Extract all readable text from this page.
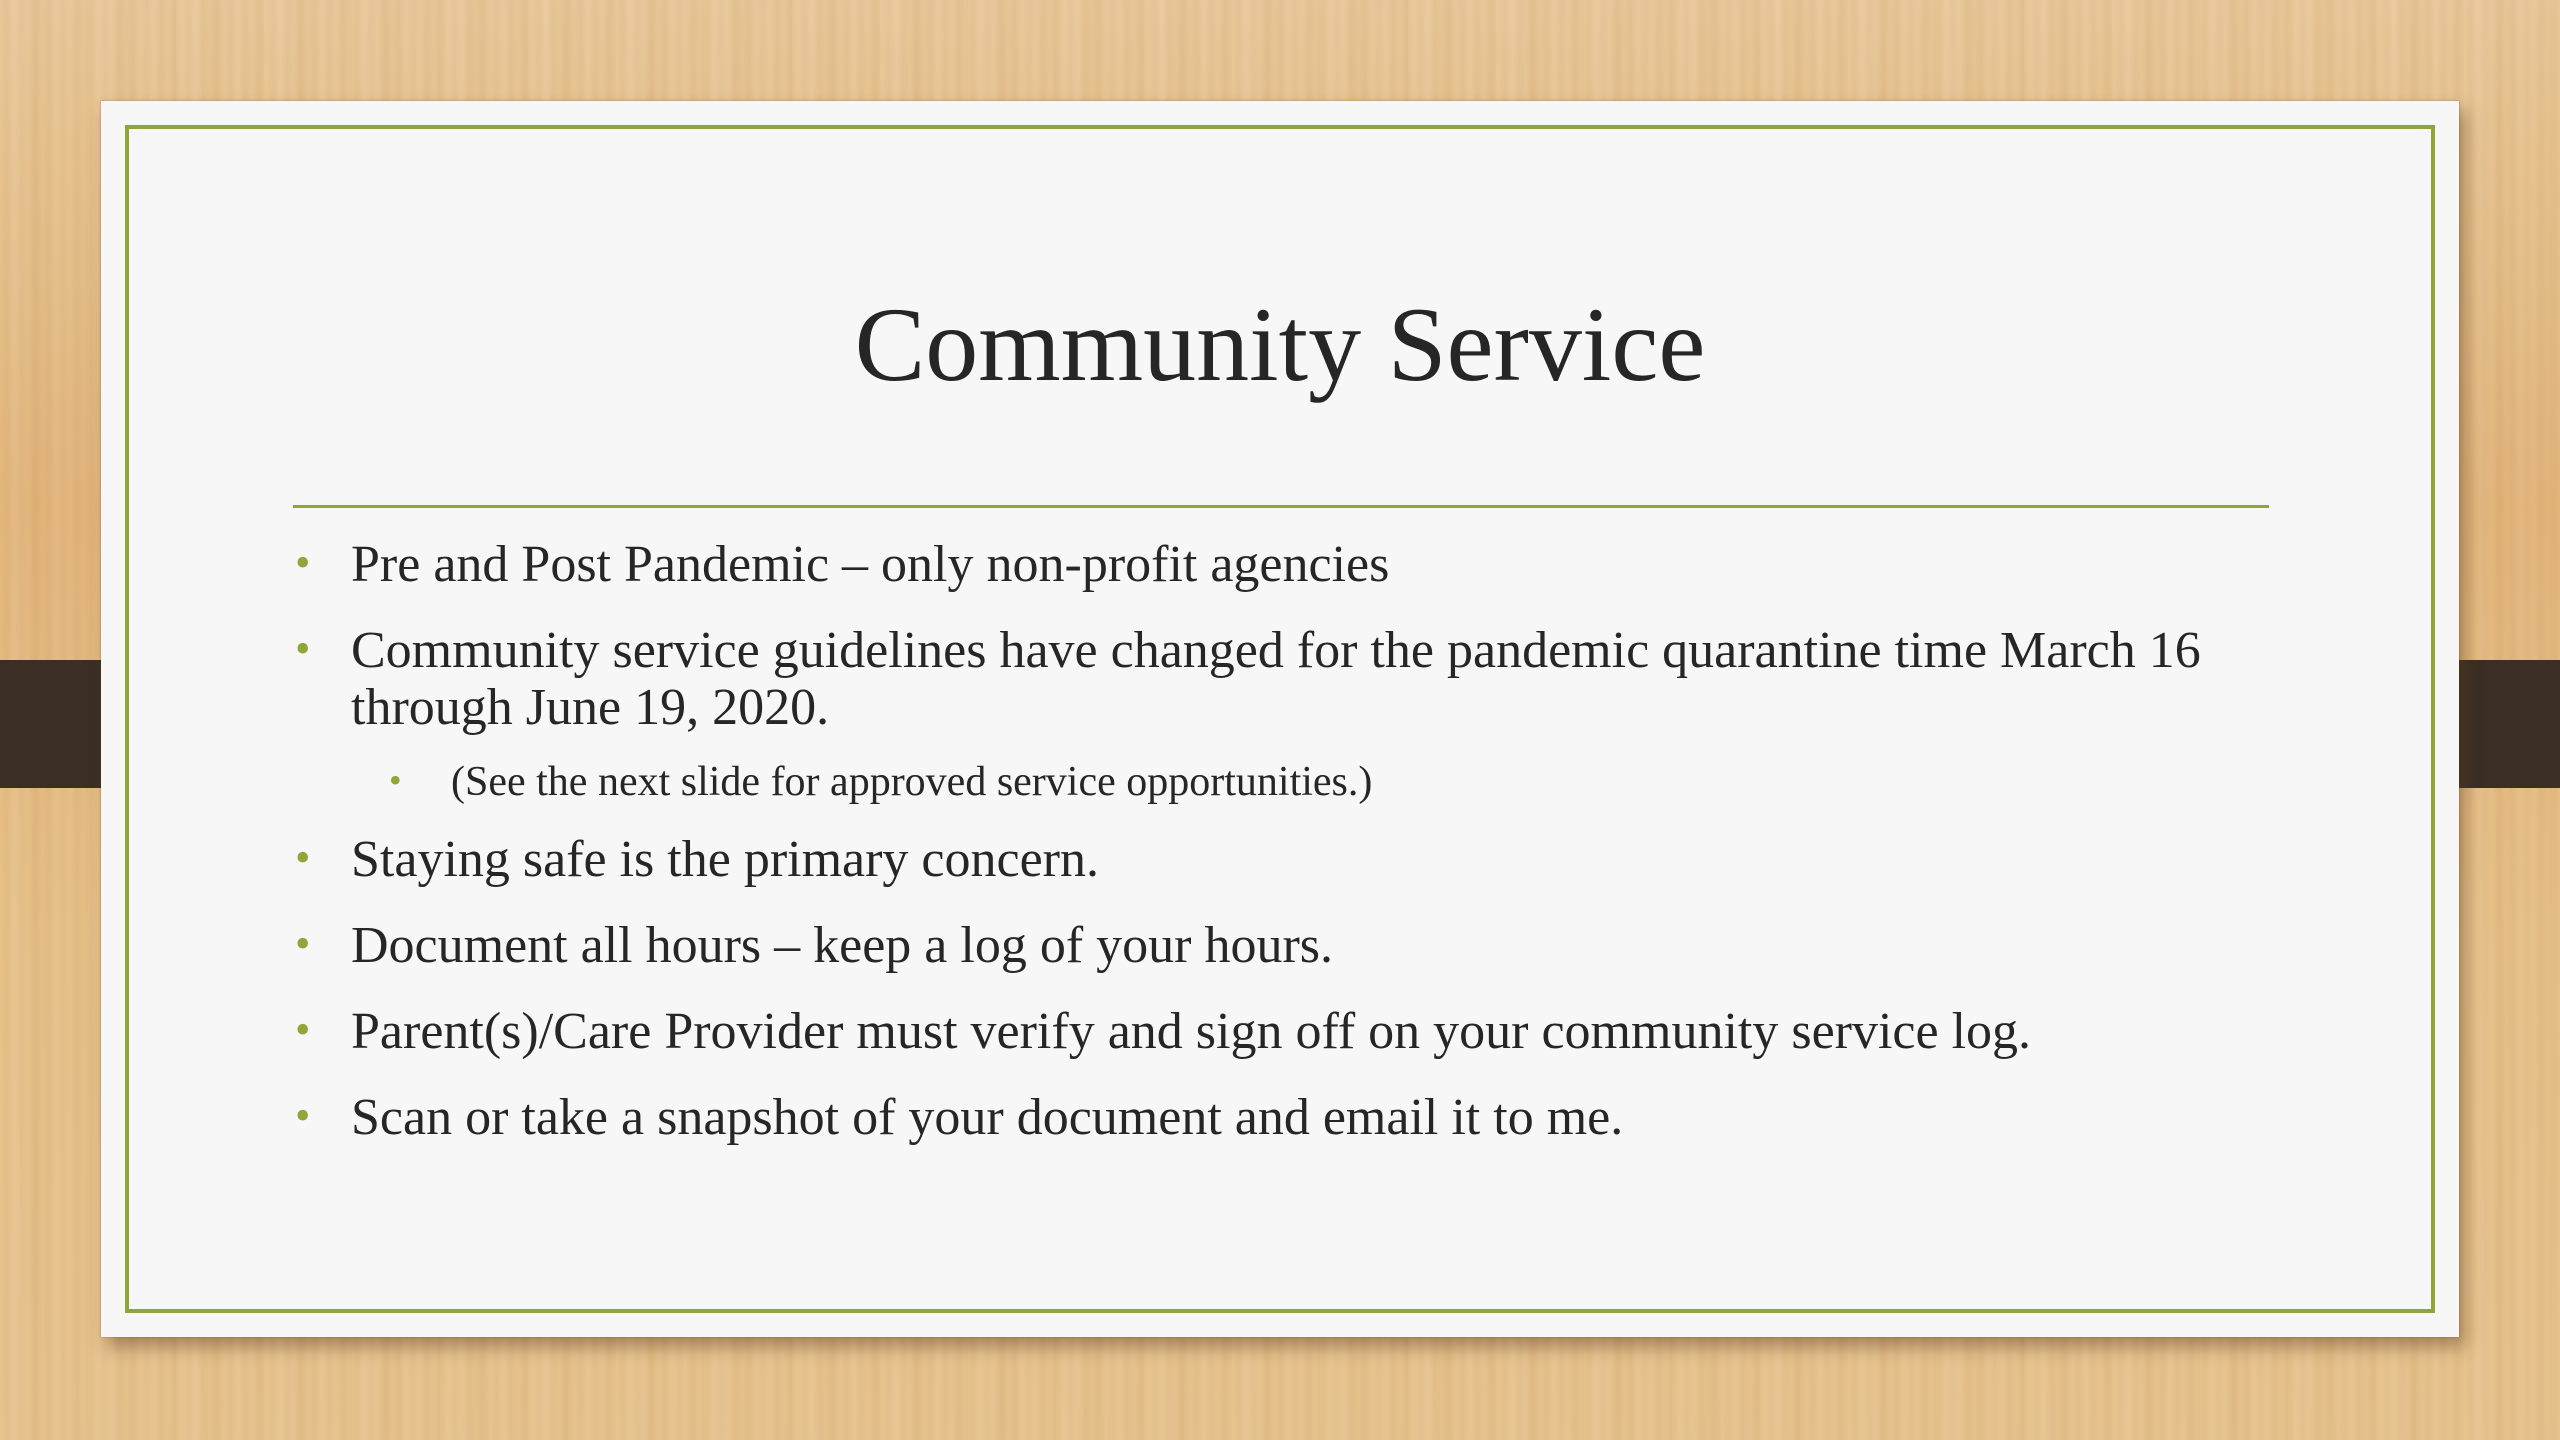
Community Service
• Pre and Post Pandemic – only non-profit agencies
• Community service guidelines have changed for the pandemic quarantine time March 16 through June 19, 2020.
• (See the next slide for approved service opportunities.)
• Staying safe is the primary concern.
• Document all hours – keep a log of your hours.
• Parent(s)/Care Provider must verify and sign off on your community service log.
• Scan or take a snapshot of your document and email it to me.
